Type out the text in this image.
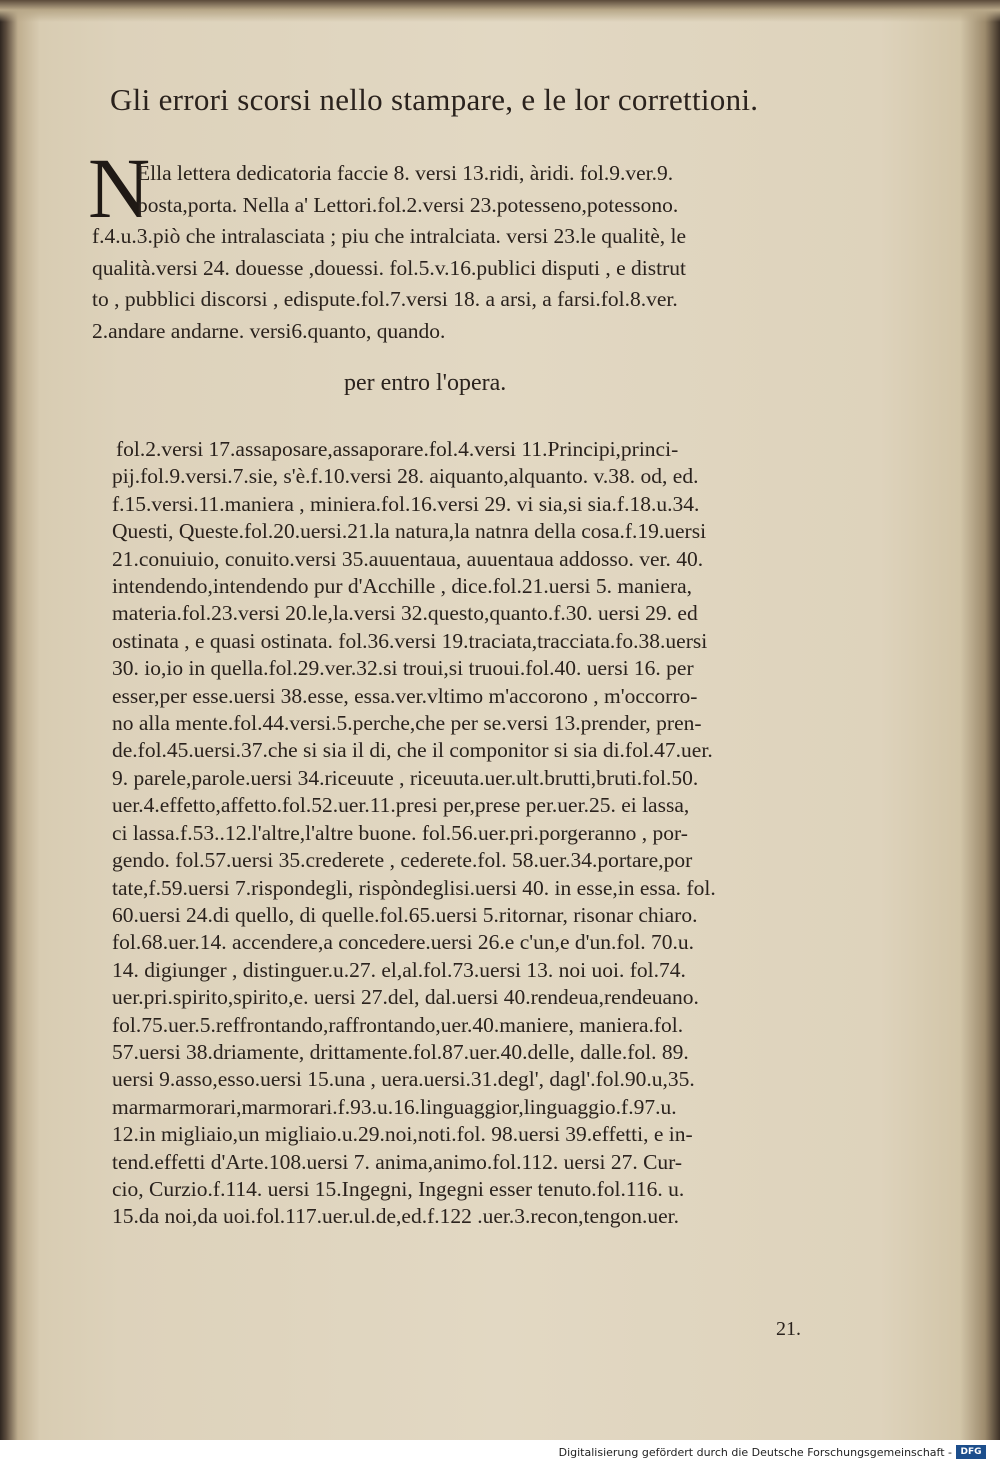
Gli errori scorsi nello stampare, e le lor correttioni.
N
Ella lettera dedicatoria faccie 8. versi 13.ridi, àridi. fol.9.ver.9.
posta,porta. Nella a' Lettori.fol.2.versi 23.potesseno,potessono.
f.4.u.3.piò che intralasciata ; piu che intralciata. versi 23.le qualitè, le
qualità.versi 24. douesse ,douessi. fol.5.v.16.publici disputi , e distrut
to , pubblici discorsi , edispute.fol.7.versi 18. a arsi, a farsi.fol.8.ver.
2.andare andarne. versi6.quanto, quando.
per entro l'opera.
fol.2.versi 17.assaposare,assaporare.fol.4.versi 11.Principi,princi-
pij.fol.9.versi.7.sie, s'è.f.10.versi 28. aiquanto,alquanto. v.38. od, ed.
f.15.versi.11.maniera , miniera.fol.16.versi 29. vi sia,si sia.f.18.u.34.
Questi, Queste.fol.20.uersi.21.la natura,la natnra della cosa.f.19.uersi
21.conuiuio, conuito.versi 35.auuentaua, auuentaua addosso. ver. 40.
intendendo,intendendo pur d'Acchille , dice.fol.21.uersi 5. maniera,
materia.fol.23.versi 20.le,la.versi 32.questo,quanto.f.30. uersi 29. ed
ostinata , e quasi ostinata. fol.36.versi 19.traciata,tracciata.fo.38.uersi
30. io,io in quella.fol.29.ver.32.si troui,si truoui.fol.40. uersi 16. per
esser,per esse.uersi 38.esse, essa.ver.vltimo m'accorono , m'occorro-
no alla mente.fol.44.versi.5.perche,che per se.versi 13.prender, pren-
de.fol.45.uersi.37.che si sia il di, che il componitor si sia di.fol.47.uer.
9. parele,parole.uersi 34.riceuute , riceuuta.uer.ult.brutti,bruti.fol.50.
uer.4.effetto,affetto.fol.52.uer.11.presi per,prese per.uer.25. ei lassa,
ci lassa.f.53..12.l'altre,l'altre buone. fol.56.uer.pri.porgeranno , por-
gendo. fol.57.uersi 35.crederete , cederete.fol. 58.uer.34.portare,por
tate,f.59.uersi 7.rispondegli, rispòndeglisi.uersi 40. in esse,in essa. fol.
60.uersi 24.di quello, di quelle.fol.65.uersi 5.ritornar, risonar chiaro.
fol.68.uer.14. accendere,a concedere.uersi 26.e c'un,e d'un.fol. 70.u.
14. digiunger , distinguer.u.27. el,al.fol.73.uersi 13. noi uoi. fol.74.
uer.pri.spirito,spirito,e. uersi 27.del, dal.uersi 40.rendeua,rendeuano.
fol.75.uer.5.reffrontando,raffrontando,uer.40.maniere, maniera.fol.
57.uersi 38.driamente, drittamente.fol.87.uer.40.delle, dalle.fol. 89.
uersi 9.asso,esso.uersi 15.una , uera.uersi.31.degl', dagl'.fol.90.u,35.
marmarmorari,marmorari.f.93.u.16.linguaggior,linguaggio.f.97.u.
12.in migliaio,un migliaio.u.29.noi,noti.fol. 98.uersi 39.effetti, e in-
tend.effetti d'Arte.108.uersi 7. anima,animo.fol.112. uersi 27. Cur-
cio, Curzio.f.114. uersi 15.Ingegni, Ingegni esser tenuto.fol.116. u.
15.da noi,da uoi.fol.117.uer.ul.de,ed.f.122 .uer.3.recon,tengon.uer.
21.
Digitalisierung gefördert durch die Deutsche Forschungsgemeinschaft - DFG
